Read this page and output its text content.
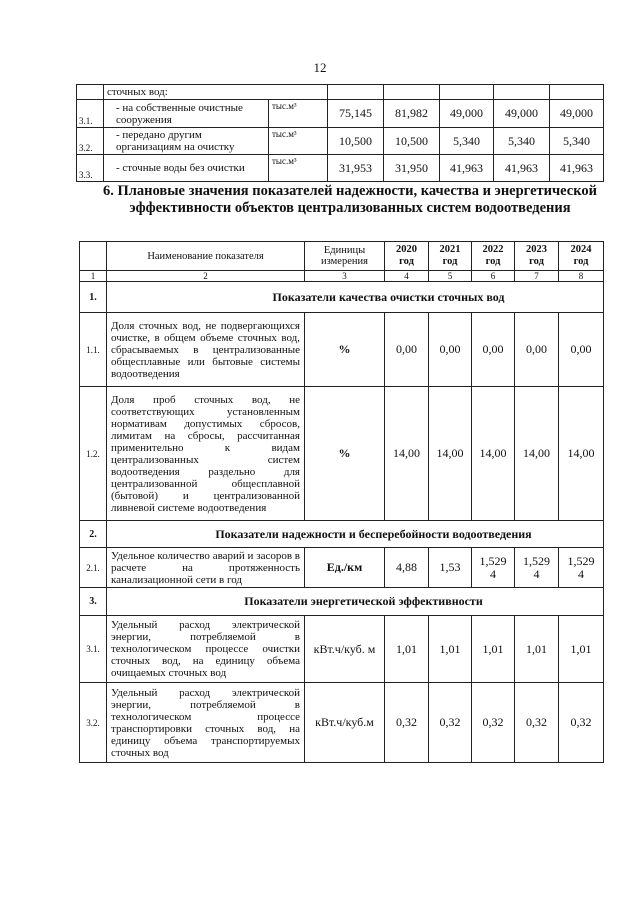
12
	сточных вод:						
3.1.	- на собственные очистные сооружения	тыс.м³	75,145	81,982	49,000	49,000	49,000
3.2.	- передано другим организациям на очистку	тыс.м³	10,500	10,500	5,340	5,340	5,340
3.3.	- сточные воды без очистки	тыс.м³	31,953	31,950	41,963	41,963	41,963
6. Плановые значения показателей надежности, качества и энергетической эффективности объектов централизованных систем водоотведения
	Наименование показателя	Единицы измерения	2020 год	2021 год	2022 год	2023 год	2024 год
1	2	3	4	5	6	7	8
1.	Показатели качества очистки сточных вод						
1.1.	Доля сточных вод, не подвергающихся очистке, в общем объеме сточных вод, сбрасываемых в централизованные общесплавные или бытовые системы водоотведения	%	0,00	0,00	0,00	0,00	0,00
1.2.	Доля проб сточных вод, не соответствующих установленным нормативам допустимых сбросов, лимитам на сбросы, рассчитанная применительно к видам централизованных систем водоотведения раздельно для централизованной общесплавной (бытовой) и централизованной ливневой системе водоотведения	%	14,00	14,00	14,00	14,00	14,00
2.	Показатели надежности и бесперебойности водоотведения						
2.1.	Удельное количество аварий и засоров в расчете на протяженность канализационной сети в год	Ед./км	4,88	1,53	1,529 4	1,529 4	1,529 4
3.	Показатели энергетической эффективности						
3.1.	Удельный расход электрической энергии, потребляемой в технологическом процессе очистки сточных вод, на единицу объема очищаемых сточных вод	кВт.ч/куб. м	1,01	1,01	1,01	1,01	1,01
3.2.	Удельный расход электрической энергии, потребляемой в технологическом процессе транспортировки сточных вод, на единицу объема транспортируемых сточных вод	кВт.ч/куб.м	0,32	0,32	0,32	0,32	0,32
